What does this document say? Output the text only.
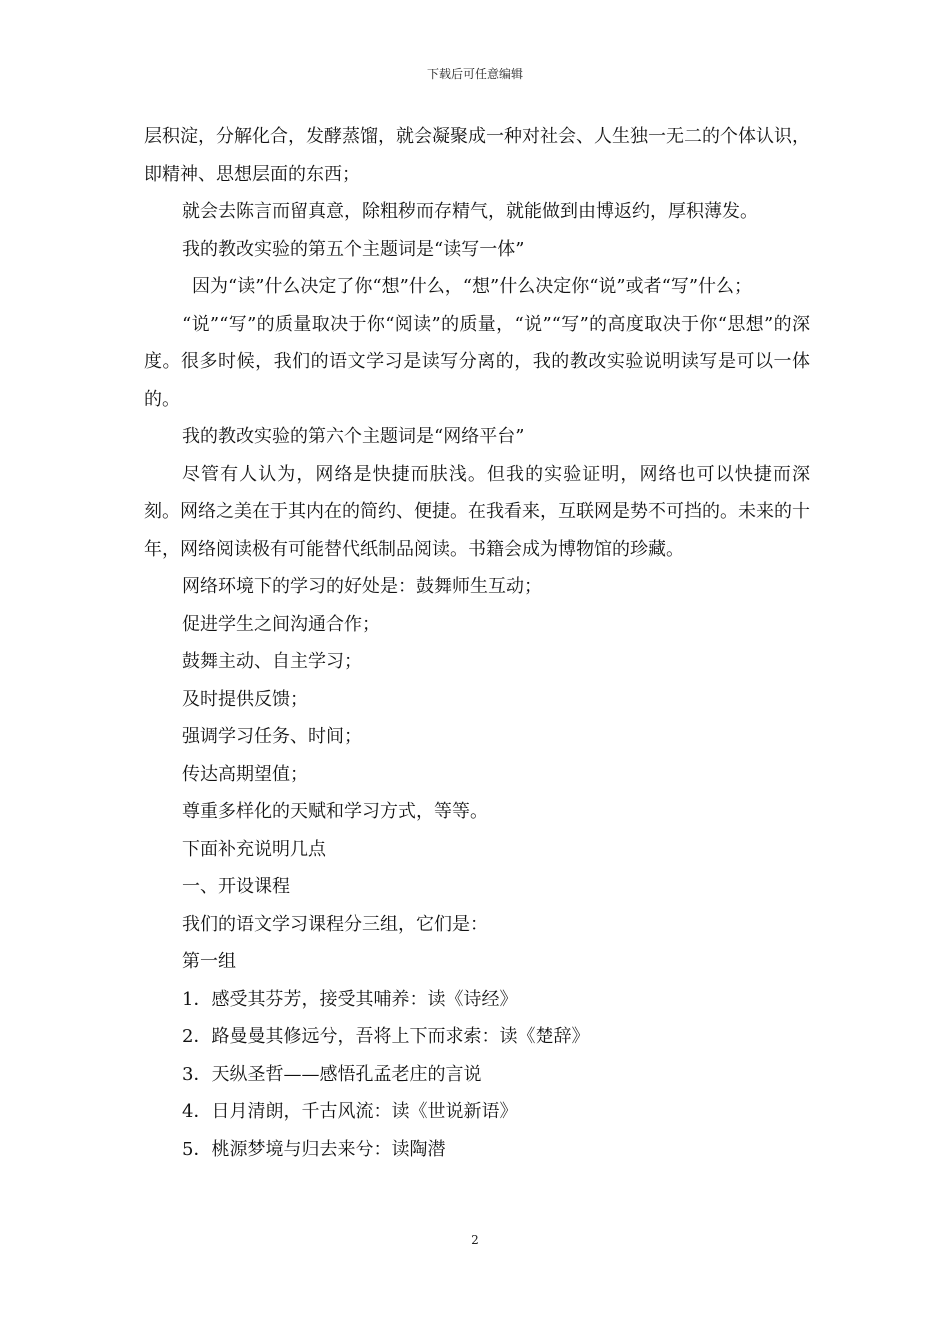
下载后可任意编辑

层积淀，分解化合，发酵蒸馏，就会凝聚成一种对社会、人生独一无二的个体认识，即精神、思想层面的东西；

就会去陈言而留真意，除粗秽而存精气，就能做到由博返约，厚积薄发。

我的教改实验的第五个主题词是“读写一体”

因为“读”什么决定了你“想”什么，“想”什么决定你“说”或者“写”什么；

“说”“写”的质量取决于你“阅读”的质量，“说”“写”的高度取决于你“思想”的深度。很多时候，我们的语文学习是读写分离的，我的教改实验说明读写是可以一体的。

我的教改实验的第六个主题词是“网络平台”

尽管有人认为，网络是快捷而肤浅。但我的实验证明，网络也可以快捷而深刻。网络之美在于其内在的简约、便捷。在我看来，互联网是势不可挡的。未来的十年，网络阅读极有可能替代纸制品阅读。书籍会成为博物馆的珍藏。

网络环境下的学习的好处是：鼓舞师生互动；

促进学生之间沟通合作；

鼓舞主动、自主学习；

及时提供反馈；

强调学习任务、时间；

传达高期望值；

尊重多样化的天赋和学习方式，等等。

下面补充说明几点

一、开设课程

我们的语文学习课程分三组，它们是：

第一组

1．感受其芬芳，接受其哺养：读《诗经》

2．路曼曼其修远兮，吾将上下而求索：读《楚辞》

3．天纵圣哲——感悟孔孟老庄的言说

4．日月清朗，千古风流：读《世说新语》

5．桃源梦境与归去来兮：读陶潜

2
